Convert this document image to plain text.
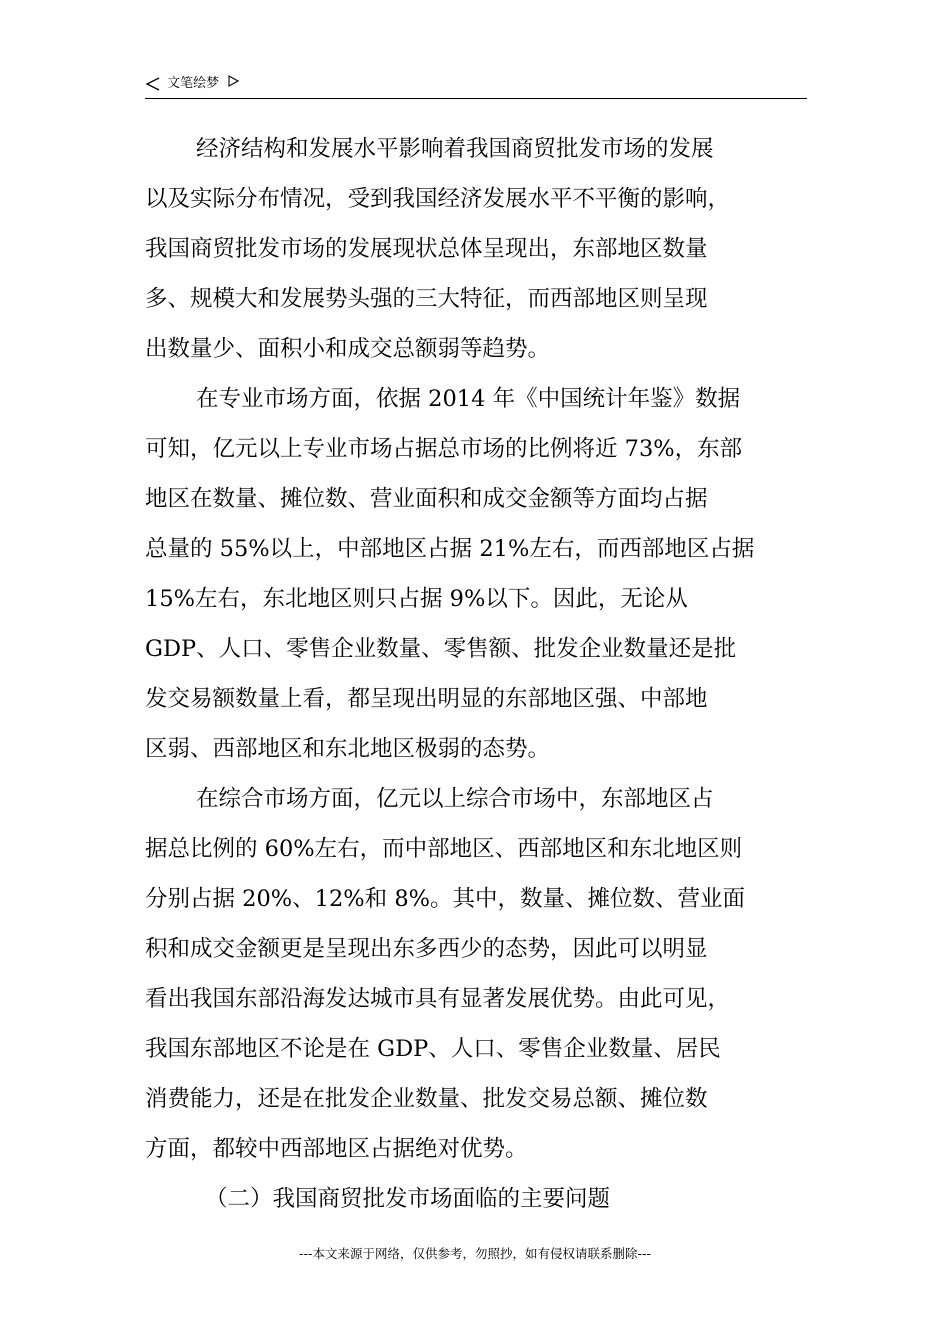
文笔绘梦
经济结构和发展水平影响着我国商贸批发市场的发展
以及实际分布情况，受到我国经济发展水平不平衡的影响，
我国商贸批发市场的发展现状总体呈现出，东部地区数量
多、规模大和发展势头强的三大特征，而西部地区则呈现
出数量少、面积小和成交总额弱等趋势。
在专业市场方面，依据 2014 年《中国统计年鉴》数据
可知，亿元以上专业市场占据总市场的比例将近 73%，东部
地区在数量、摊位数、营业面积和成交金额等方面均占据
总量的 55%以上，中部地区占据 21%左右，而西部地区占据
15%左右，东北地区则只占据 9%以下。因此，无论从
GDP、人口、零售企业数量、零售额、批发企业数量还是批
发交易额数量上看，都呈现出明显的东部地区强、中部地
区弱、西部地区和东北地区极弱的态势。
在综合市场方面，亿元以上综合市场中，东部地区占
据总比例的 60%左右，而中部地区、西部地区和东北地区则
分别占据 20%、12%和 8%。其中，数量、摊位数、营业面
积和成交金额更是呈现出东多西少的态势，因此可以明显
看出我国东部沿海发达城市具有显著发展优势。由此可见，
我国东部地区不论是在 GDP、人口、零售企业数量、居民
消费能力，还是在批发企业数量、批发交易总额、摊位数
方面，都较中西部地区占据绝对优势。
（二）我国商贸批发市场面临的主要问题
---本文来源于网络，仅供参考，勿照抄，如有侵权请联系删除---
